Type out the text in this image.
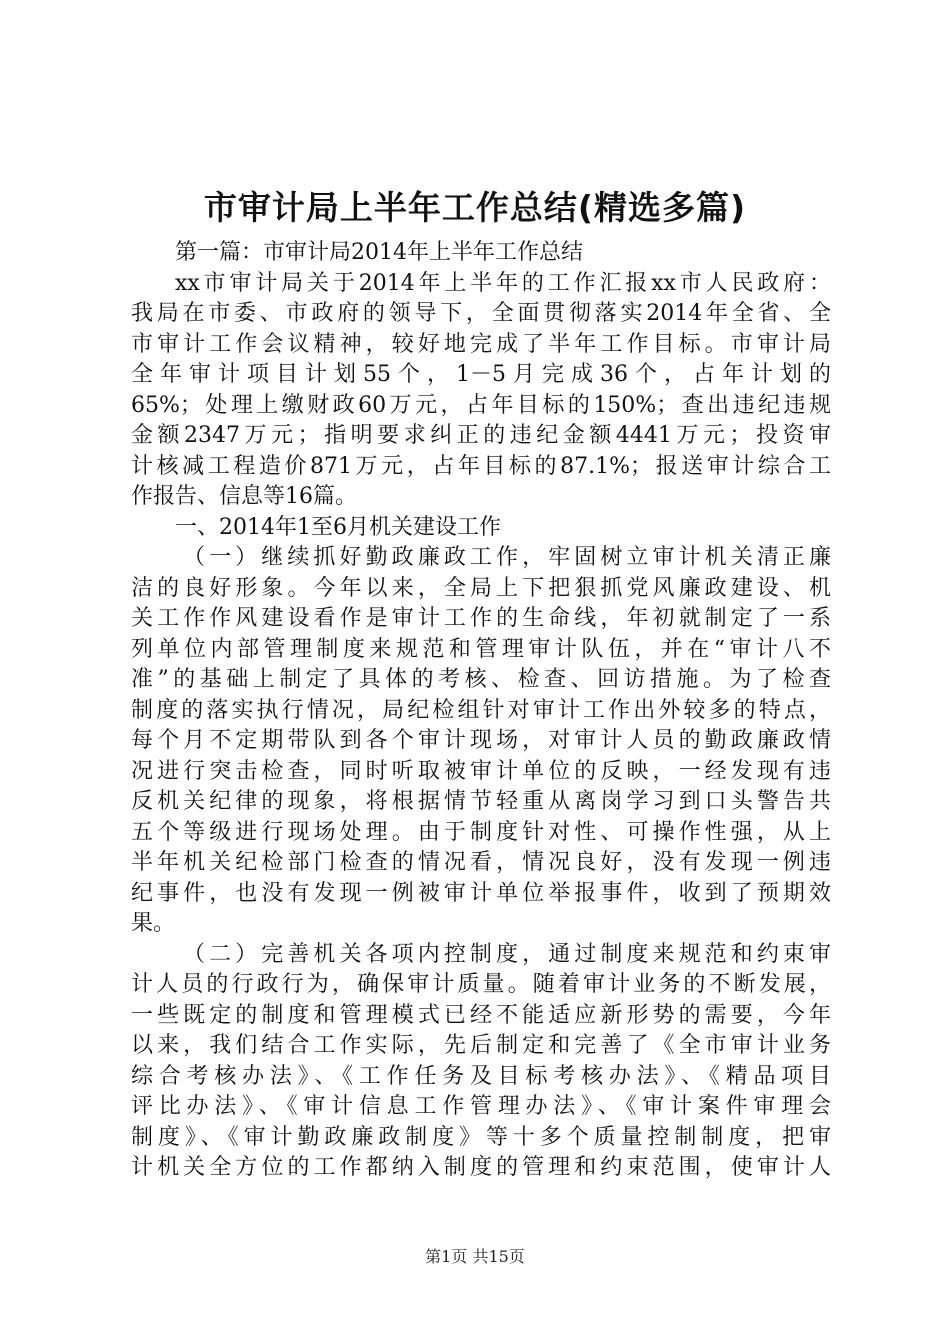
市审计局上半年工作总结(精选多篇)
第一篇：市审计局2014年上半年工作总结
xx市审计局关于2014年上半年的工作汇报xx市人民政府：
我局在市委、市政府的领导下，全面贯彻落实2014年全省、全
市审计工作会议精神，较好地完成了半年工作目标。市审计局
全年审计项目计划55个，1－5月完成36个，占年计划的
65%；处理上缴财政60万元，占年目标的150%；查出违纪违规
金额2347万元；指明要求纠正的违纪金额4441万元；投资审
计核减工程造价871万元，占年目标的87.1%；报送审计综合工
作报告、信息等16篇。
一、2014年1至6月机关建设工作
（一）继续抓好勤政廉政工作，牢固树立审计机关清正廉
洁的良好形象。今年以来，全局上下把狠抓党风廉政建设、机
关工作作风建设看作是审计工作的生命线，年初就制定了一系
列单位内部管理制度来规范和管理审计队伍，并在“审计八不
准”的基础上制定了具体的考核、检查、回访措施。为了检查
制度的落实执行情况，局纪检组针对审计工作出外较多的特点，
每个月不定期带队到各个审计现场，对审计人员的勤政廉政情
况进行突击检查，同时听取被审计单位的反映，一经发现有违
反机关纪律的现象，将根据情节轻重从离岗学习到口头警告共
五个等级进行现场处理。由于制度针对性、可操作性强，从上
半年机关纪检部门检查的情况看，情况良好，没有发现一例违
纪事件，也没有发现一例被审计单位举报事件，收到了预期效
果。
（二）完善机关各项内控制度，通过制度来规范和约束审
计人员的行政行为，确保审计质量。随着审计业务的不断发展，
一些既定的制度和管理模式已经不能适应新形势的需要，今年
以来，我们结合工作实际，先后制定和完善了《全市审计业务
综合考核办法》、《工作任务及目标考核办法》、《精品项目
评比办法》、《审计信息工作管理办法》、《审计案件审理会
制度》、《审计勤政廉政制度》等十多个质量控制制度，把审
计机关全方位的工作都纳入制度的管理和约束范围，使审计人
第1页 共15页
